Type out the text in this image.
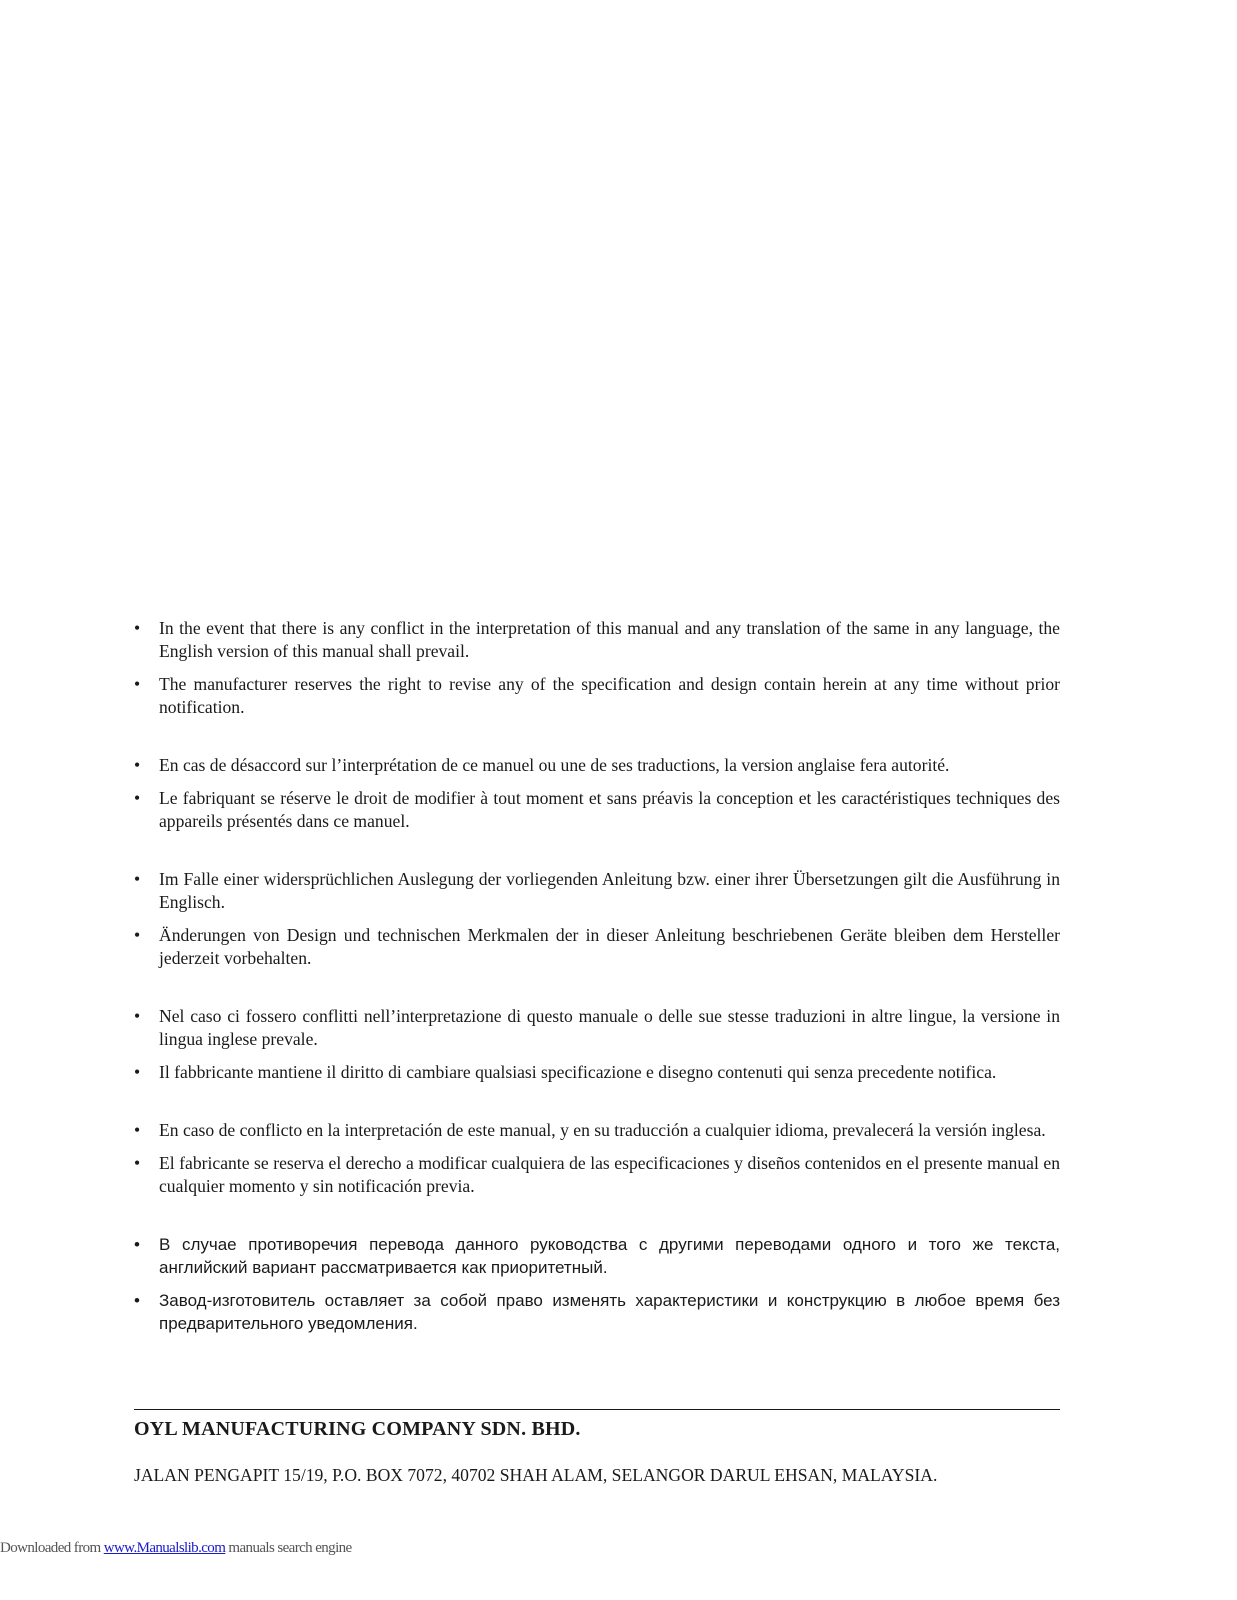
•	In the event that there is any conflict in the interpretation of this manual and any translation of the same in any language, the English version of this manual shall prevail.
•	The manufacturer reserves the right to revise any of the specification and design contain herein at any time without prior notification.
•	En cas de désaccord sur l’interprétation de ce manuel ou une de ses traductions, la version anglaise fera autorité.
•	Le fabriquant se réserve le droit de modifier à tout moment et sans préavis la conception et les caractéristiques techniques des appareils présentés dans ce manuel.
•	Im Falle einer widersprüchlichen Auslegung der vorliegenden Anleitung bzw. einer ihrer Übersetzungen gilt die Ausführung in Englisch.
•	Änderungen von Design und technischen Merkmalen der in dieser Anleitung beschriebenen Geräte bleiben dem Hersteller jederzeit vorbehalten.
•	Nel caso ci fossero conflitti nell’interpretazione di questo manuale o delle sue stesse traduzioni in altre lingue, la versione in lingua inglese prevale.
•	Il fabbricante mantiene il diritto di cambiare qualsiasi specificazione e disegno contenuti qui senza precedente notifica.
•	En caso de conflicto en la interpretación de este manual, y en su traducción a cualquier idioma, prevalecerá la versión inglesa.
•	El fabricante se reserva el derecho a modificar cualquiera de las especificaciones y diseños contenidos en el presente manual en cualquier momento y sin notificación previa.
•	В случае противоречия перевода данного руководства с другими переводами одного и того же текста, английский вариант рассматривается как приоритетный.
•	Завод-изготовитель оставляет за собой право изменять характеристики и конструкцию в любое время без предварительного уведомления.
OYL MANUFACTURING COMPANY SDN. BHD.
JALAN PENGAPIT 15/19, P.O. BOX 7072, 40702 SHAH ALAM, SELANGOR DARUL EHSAN, MALAYSIA.
Downloaded from www.Manualslib.com manuals search engine
